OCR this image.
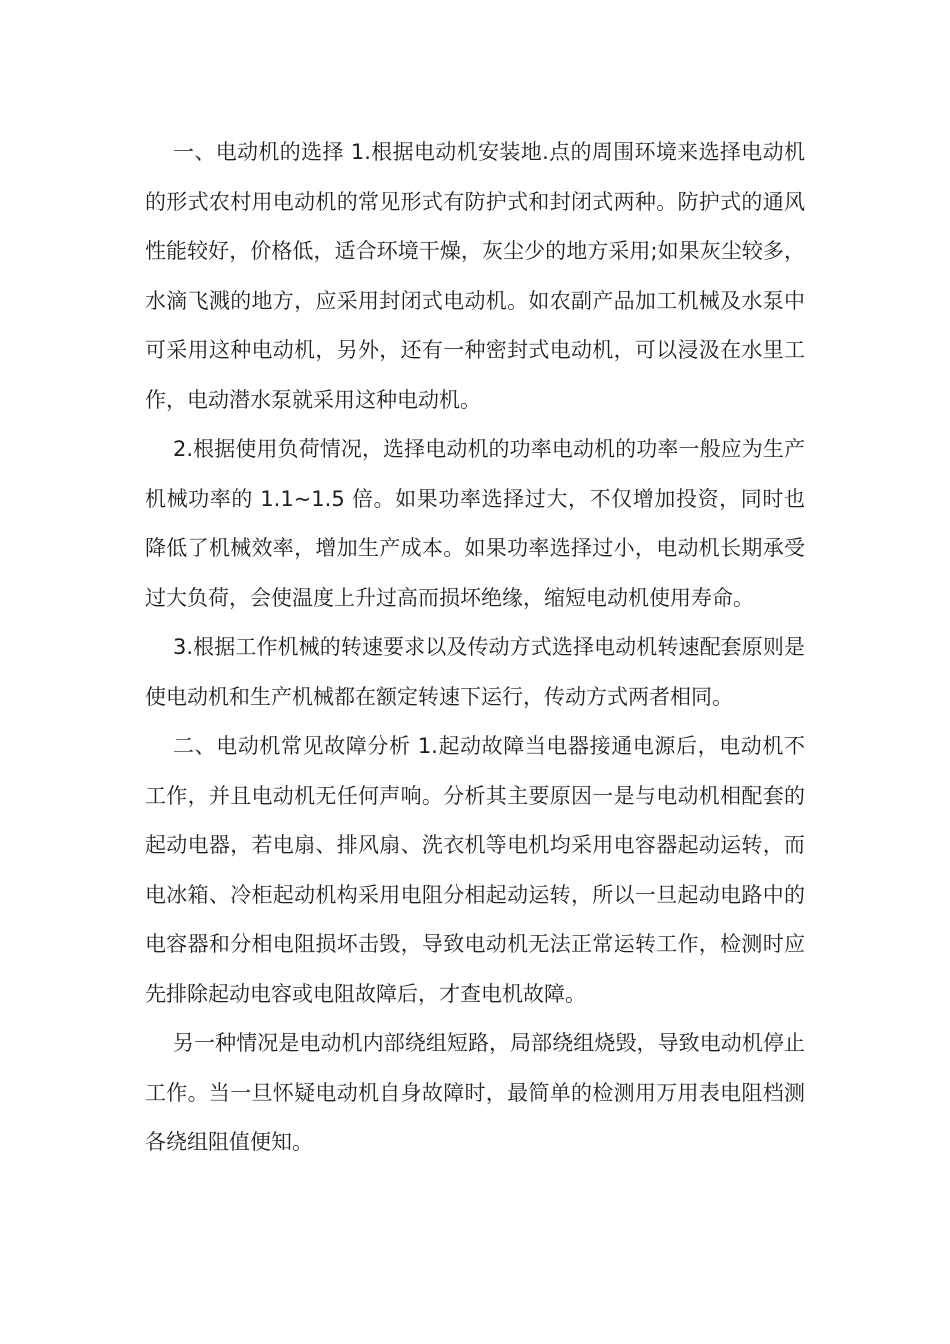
一、电动机的选择 1.根据电动机安装地.点的周围环境来选择电动机的形式农村用电动机的常见形式有防护式和封闭式两种。防护式的通风性能较好，价格低，适合环境干燥，灰尘少的地方采用;如果灰尘较多，水滴飞溅的地方，应采用封闭式电动机。如农副产品加工机械及水泵中可采用这种电动机，另外，还有一种密封式电动机，可以浸汲在水里工作，电动潜水泵就采用这种电动机。

2.根据使用负荷情况，选择电动机的功率电动机的功率一般应为生产机械功率的 1.1~1.5 倍。如果功率选择过大，不仅增加投资，同时也降低了机械效率，增加生产成本。如果功率选择过小，电动机长期承受过大负荷，会使温度上升过高而损坏绝缘，缩短电动机使用寿命。

3.根据工作机械的转速要求以及传动方式选择电动机转速配套原则是使电动机和生产机械都在额定转速下运行，传动方式两者相同。

二、电动机常见故障分析 1.起动故障当电器接通电源后，电动机不工作，并且电动机无任何声响。分析其主要原因一是与电动机相配套的起动电器，若电扇、排风扇、洗衣机等电机均采用电容器起动运转，而电冰箱、冷柜起动机构采用电阻分相起动运转，所以一旦起动电路中的电容器和分相电阻损坏击毁，导致电动机无法正常运转工作，检测时应先排除起动电容或电阻故障后，才查电机故障。

另一种情况是电动机内部绕组短路，局部绕组烧毁，导致电动机停止工作。当一旦怀疑电动机自身故障时，最简单的检测用万用表电阻档测各绕组阻值便知。
